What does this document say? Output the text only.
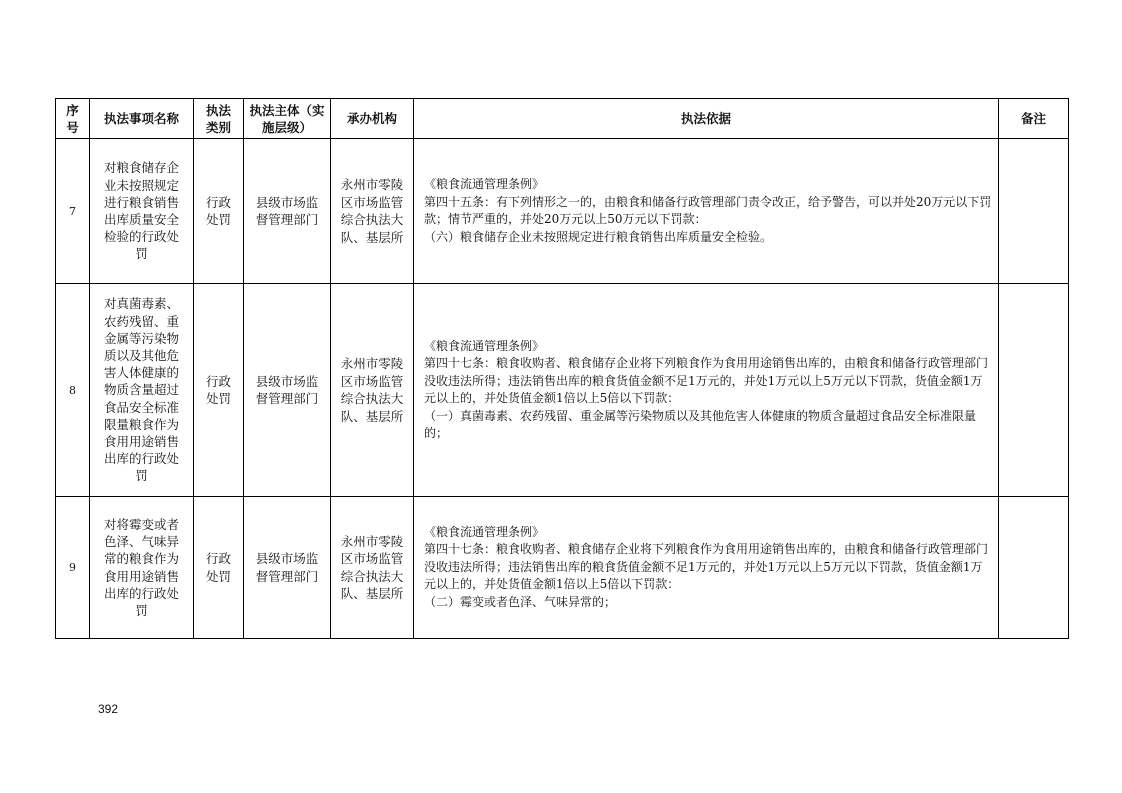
序号	执法事项名称	执法类别	执法主体（实施层级）	承办机构	执法依据	备注
7	对粮食储存企业未按照规定进行粮食销售出库质量安全检验的行政处罚	行政处罚	县级市场监督管理部门	永州市零陵区市场监管综合执法大队、基层所	《粮食流通管理条例》
第四十五条：有下列情形之一的，由粮食和储备行政管理部门责令改正，给予警告，可以并处20万元以下罚款；情节严重的，并处20万元以上50万元以下罚款：
（六）粮食储存企业未按照规定进行粮食销售出库质量安全检验。	

8	对真菌毒素、农药残留、重金属等污染物质以及其他危害人体健康的物质含量超过食品安全标准限量粮食作为食用用途销售出库的行政处罚	行政处罚	县级市场监督管理部门	永州市零陵区市场监管综合执法大队、基层所	《粮食流通管理条例》
第四十七条：粮食收购者、粮食储存企业将下列粮食作为食用用途销售出库的，由粮食和储备行政管理部门没收违法所得；违法销售出库的粮食货值金额不足1万元的，并处1万元以上5万元以下罚款，货值金额1万元以上的，并处货值金额1倍以上5倍以下罚款：
（一）真菌毒素、农药残留、重金属等污染物质以及其他危害人体健康的物质含量超过食品安全标准限量的；	

9	对将霉变或者色泽、气味异常的粮食作为食用用途销售出库的行政处罚	行政处罚	县级市场监督管理部门	永州市零陵区市场监管综合执法大队、基层所	《粮食流通管理条例》
第四十七条：粮食收购者、粮食储存企业将下列粮食作为食用用途销售出库的，由粮食和储备行政管理部门没收违法所得；违法销售出库的粮食货值金额不足1万元的，并处1万元以上5万元以下罚款，货值金额1万元以上的，并处货值金额1倍以上5倍以下罚款：
（二）霉变或者色泽、气味异常的；	

392
